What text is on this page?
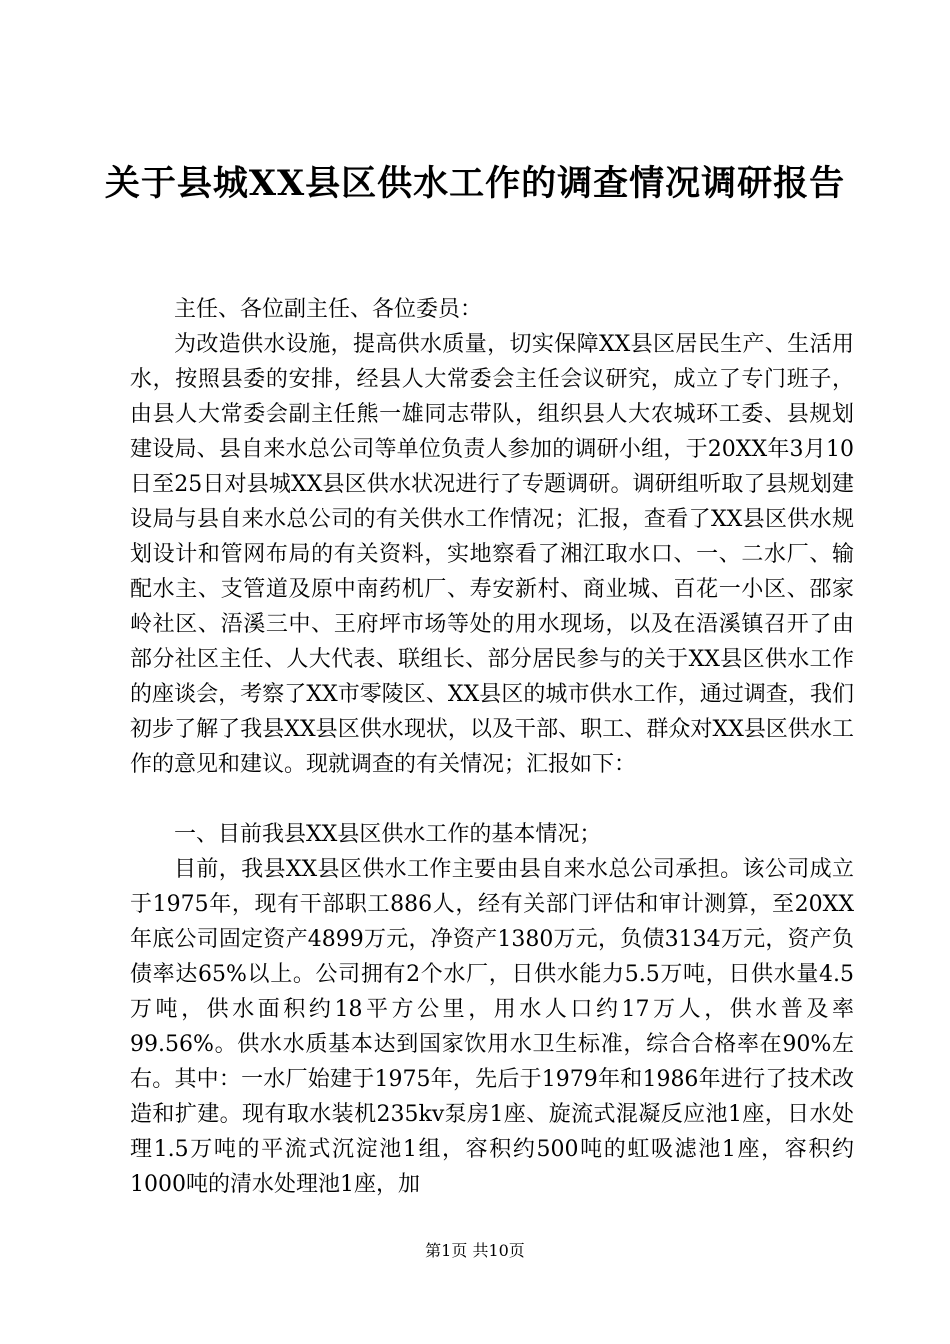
关于县城XX县区供水工作的调查情况调研报告

主任、各位副主任、各位委员：

为改造供水设施，提高供水质量，切实保障XX县区居民生产、生活用水，按照县委的安排，经县人大常委会主任会议研究，成立了专门班子，由县人大常委会副主任熊一雄同志带队，组织县人大农城环工委、县规划建设局、县自来水总公司等单位负责人参加的调研小组，于20XX年3月10日至25日对县城XX县区供水状况进行了专题调研。调研组听取了县规划建设局与县自来水总公司的有关供水工作情况；汇报，查看了XX县区供水规划设计和管网布局的有关资料，实地察看了湘江取水口、一、二水厂、输配水主、支管道及原中南药机厂、寿安新村、商业城、百花一小区、邵家岭社区、浯溪三中、王府坪市场等处的用水现场，以及在浯溪镇召开了由部分社区主任、人大代表、联组长、部分居民参与的关于XX县区供水工作的座谈会，考察了XX市零陵区、XX县区的城市供水工作，通过调查，我们初步了解了我县XX县区供水现状，以及干部、职工、群众对XX县区供水工作的意见和建议。现就调查的有关情况；汇报如下：

一、目前我县XX县区供水工作的基本情况；

目前，我县XX县区供水工作主要由县自来水总公司承担。该公司成立于1975年，现有干部职工886人，经有关部门评估和审计测算，至20XX年底公司固定资产4899万元，净资产1380万元，负债3134万元，资产负债率达65%以上。公司拥有2个水厂，日供水能力5.5万吨，日供水量4.5万吨，供水面积约18平方公里，用水人口约17万人，供水普及率99.56%。供水水质基本达到国家饮用水卫生标准，综合合格率在90%左右。其中：一水厂始建于1975年，先后于1979年和1986年进行了技术改造和扩建。现有取水装机235kv泵房1座、旋流式混凝反应池1座，日水处理1.5万吨的平流式沉淀池1组，容积约500吨的虹吸滤池1座，容积约1000吨的清水处理池1座，加

第1页 共10页
